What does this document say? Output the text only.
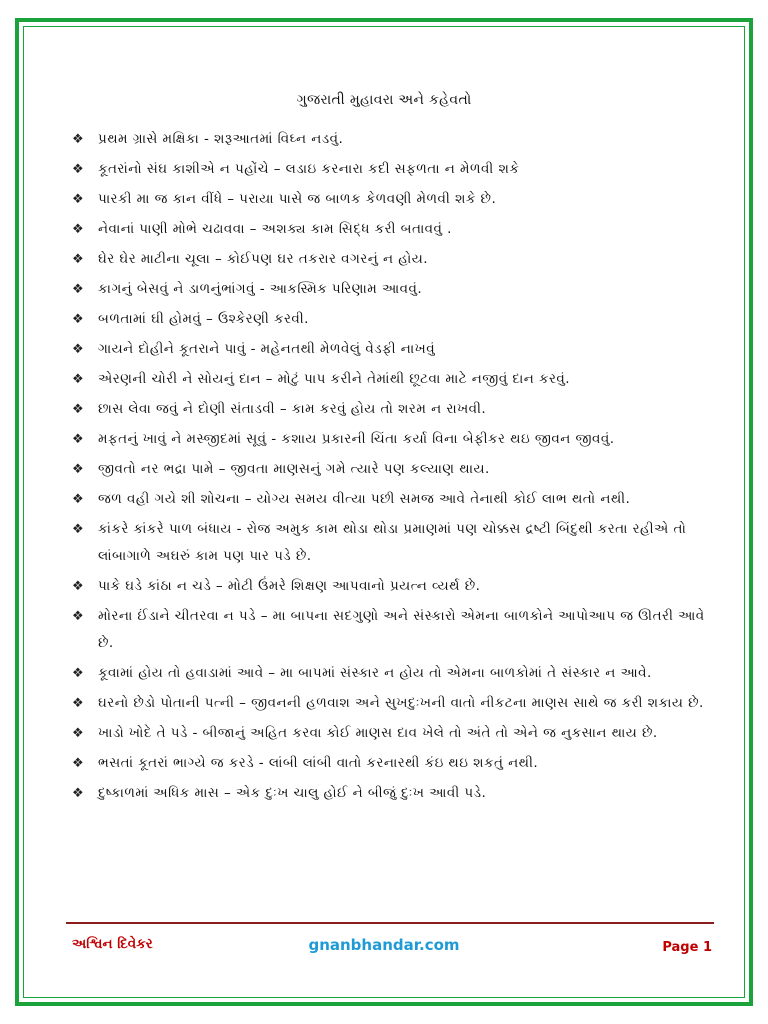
ગુજરાતી મુહાવરા અને કહેવતો
❖ પ્રથમ ગ્રાસે મક્ષિકા - શરૂઆતમાં વિઘ્ન નડવું.
❖ કૂતરાંનો સંઘ કાશીએ ન પહોંચે – લડાઇ કરનારા કદી સફળતા ન મેળવી શકે
❖ પારકી મા જ કાન વીંધે – પરાયા પાસે જ બાળક કેળવણી મેળવી શકે છે.
❖ નેવાનાં પાણી મોભે ચઢાવવા – અશક્ય કામ સિદ્ધ કરી બતાવવું .
❖ ઘેર ઘેર માટીના ચૂલા – કોઈપણ ઘર તકરાર વગરનું ન હોય.
❖ કાગનું બેસવું ને ડાળનુંભાંગવું - આકસ્મિક પરિણામ આવવું.
❖ બળતામાં ઘી હોમવું – ઉશ્કેરણી કરવી.
❖ ગાયને દોહીને કૂતરાને પાવું - મહેનતથી મેળવેલું વેડફી નાખવું
❖ એરણની ચોરી ને સોયનું દાન – મોટું પાપ કરીને તેમાંથી છૂટવા માટે નજીવું દાન કરવું.
❖ છાસ લેવા જવું ને દોણી સંતાડવી – કામ કરવું હોય તો શરમ ન રાખવી.
❖ મફતનું ખાવું ને મસ્જીદમાં સૂવું - કશાય પ્રકારની ચિંતા કર્યા વિના બેફીકર થઇ જીવન જીવવું.
❖ જીવતો નર ભદ્રા પામે – જીવતા માણસનું ગમે ત્યારે પણ કલ્યાણ થાય.
❖ જળ વહી ગયે શી શોચના – યોગ્ય સમય વીત્યા પછી સમજ આવે તેનાથી કોઈ લાભ થતો નથી.
❖ કાંકરે કાંકરે પાળ બંધાય - રોજ અમુક કામ થોડા થોડા પ્રમાણમાં પણ ચોક્કસ દ્રષ્ટી બિંદુથી કરતા રહીએ તો લાંબાગાળે અઘરું કામ પણ પાર પડે છે.
❖ પાકે ઘડે કાંઠા ન ચડે – મોટી ઉંમરે શિક્ષણ આપવાનો પ્રયત્ન વ્યર્થ છે.
❖ મોરના ઈંડાને ચીતરવા ન પડે – મા બાપના સદગુણો અને સંસ્કારો એમના બાળકોને આપોઆપ જ ઊતરી આવે છે.
❖ કૂવામાં હોય તો હવાડામાં આવે – મા બાપમાં સંસ્કાર ન હોય તો એમના બાળકોમાં તે સંસ્કાર ન આવે.
❖ ઘરનો છેડો પોતાની પત્ની – જીવનની હળવાશ અને સુખદુઃખની વાતો નીકટના માણસ સાથે જ કરી શકાય છે.
❖ ખાડો ખોદે તે પડે - બીજાનું અહિત કરવા કોઈ માણસ દાવ ખેલે તો અંતે તો એને જ નુકસાન થાય છે.
❖ ભસતાં કૂતરાં ભાગ્યે જ કરડે - લાંબી લાંબી વાતો કરનારથી કંઇ થઇ શકતું નથી.
❖ દુષ્કાળમાં અધિક માસ – એક દુઃખ ચાલુ હોઈ ને બીજું દુઃખ આવી પડે.
અશ્વિન દિવેકર	gnanbhandar.com	Page 1
